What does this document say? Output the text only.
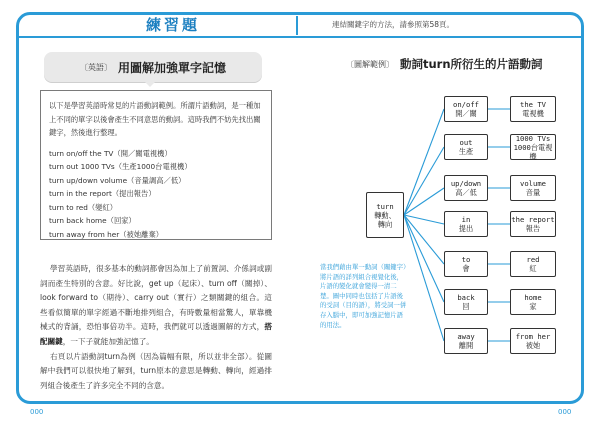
練習題	連結關鍵字的方法，請參照第58頁。
〔英語〕 用圖解加強單字記憶
以下是學習英語時常見的片語動詞範例。所謂片語動詞，是一種加上不同的單字以後會產生不同意思的動詞。這時我們不妨先找出關鍵字，然後進行整理。
turn on/off the TV（開／關電視機）
turn out 1000 TVs（生產1000台電視機）
turn up/down volume（音量調高／低）
turn in the report（提出報告）
turn to red（變紅）
turn back home（回家）
turn away from her（被她離棄）

學習英語時，很多基本的動詞都會因為加上了前置詞、介係詞或副詞而產生特別的含意。好比說，get up（起床）、turn off（關掉）、look forward to（期待）、carry out（實行）之類關鍵的組合。這些看似簡單的單字經過不斷地排列組合，有時數量相當驚人，單靠機械式的背誦，恐怕事倍功半。這時，我們就可以透過圖解的方式，搭配關鍵，一下子就能加強記憶了。

右頁以片語動詞turn為例（因為篇幅有限，所以並非全部）。從圖解中我們可以很快地了解到，turn原本的意思是轉動、轉向，經過排列組合後產生了許多完全不同的含意。

000	000
〔圖解範例〕 動詞turn所衍生的片語動詞
turn
轉動、
轉向
on/off
開／關
the TV
電視機
out
生產
1000 TVs
1000台電視機
up/down
高／低
volume
音量
in
提出
the report
報告
to
會
red
紅
back
回
home
家
away
離開
from her
被她
當我們藉由單一動詞（關鍵字）將片語的詳列組合視覺化後，片語的變化就會變得一清二楚。圖中同時也包括了片語後的受詞（目的語），將受詞一併存入腦中，即可加強記憶片語的用法。
